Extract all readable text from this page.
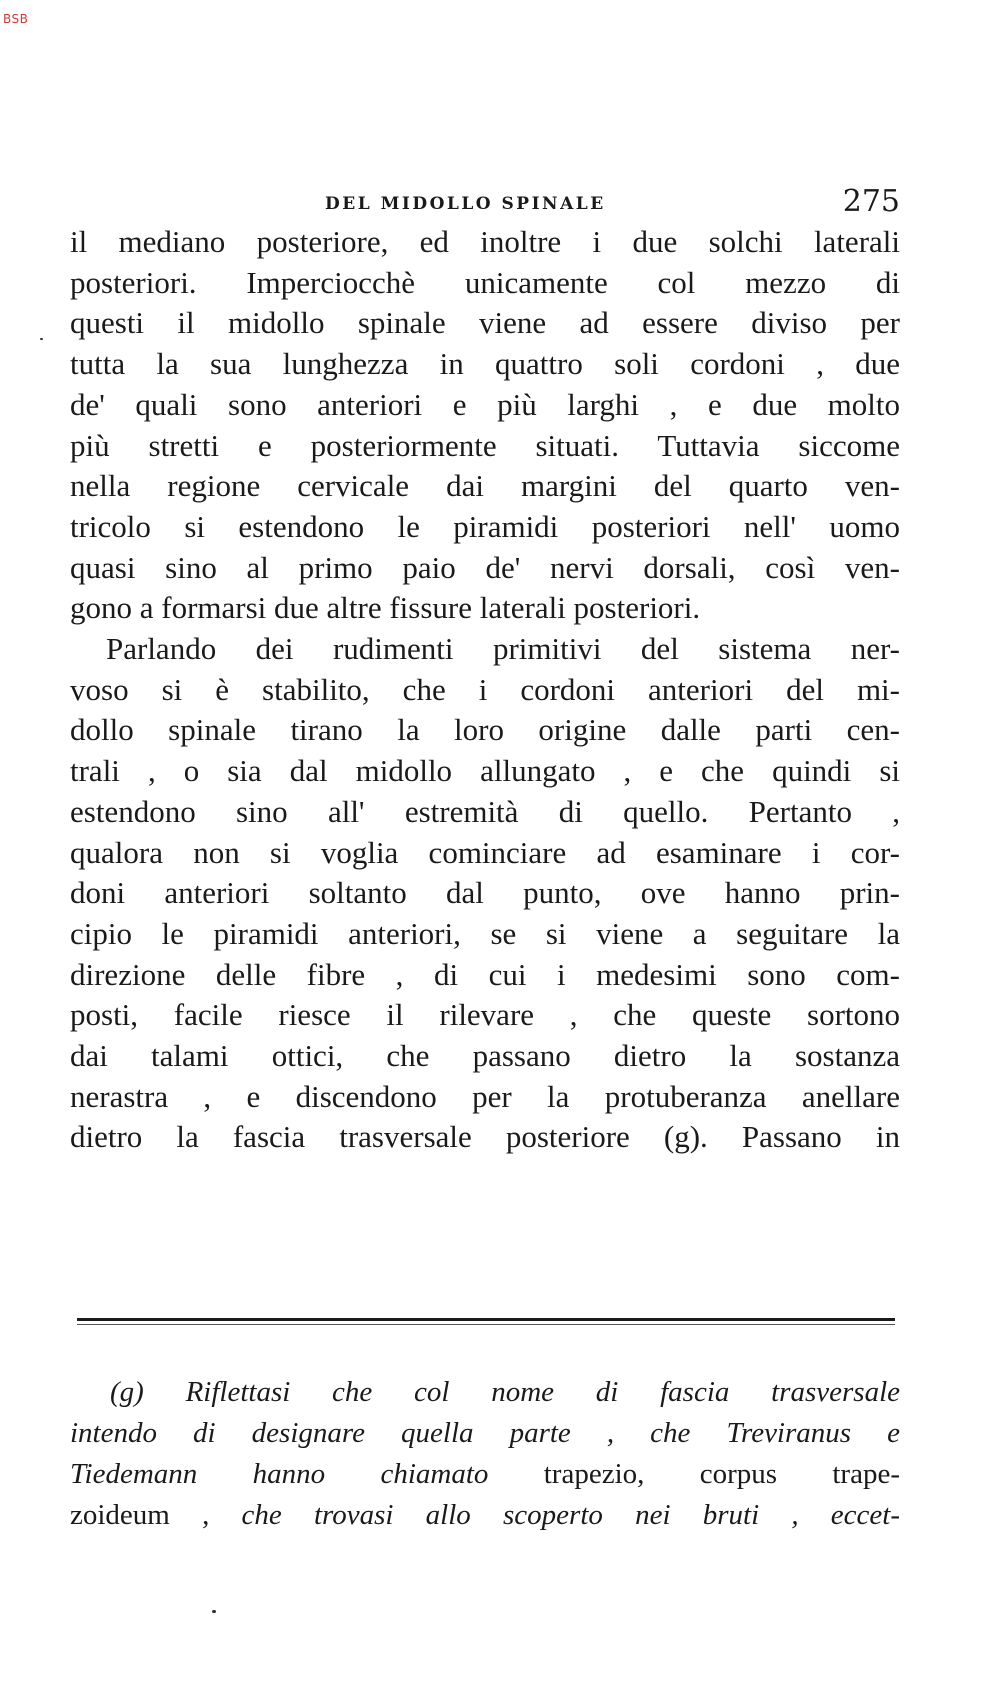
BSB
DEL MIDOLLO SPINALE	275
il mediano posteriore, ed inoltre i due solchi laterali
posteriori. Imperciocchè unicamente col mezzo di
questi il midollo spinale viene ad essere diviso per
tutta la sua lunghezza in quattro soli cordoni , due
de' quali sono anteriori e più larghi , e due molto
più stretti e posteriormente situati. Tuttavia siccome
nella regione cervicale dai margini del quarto ven-
tricolo si estendono le piramidi posteriori nell' uomo
quasi sino al primo paio de' nervi dorsali, così ven-
gono a formarsi due altre fissure laterali posteriori.
Parlando dei rudimenti primitivi del sistema ner-
voso si è stabilito, che i cordoni anteriori del mi-
dollo spinale tirano la loro origine dalle parti cen-
trali , o sia dal midollo allungato , e che quindi si
estendono sino all' estremità di quello. Pertanto ,
qualora non si voglia cominciare ad esaminare i cor-
doni anteriori soltanto dal punto, ove hanno prin-
cipio le piramidi anteriori, se si viene a seguitare la
direzione delle fibre , di cui i medesimi sono com-
posti, facile riesce il rilevare , che queste sortono
dai talami ottici, che passano dietro la sostanza
nerastra , e discendono per la protuberanza anellare
dietro la fascia trasversale posteriore (g). Passano in
(g) Riflettasi che col nome di fascia trasversale
intendo di designare quella parte , che Treviranus e
Tiedemann hanno chiamato trapezio, corpus trape-
zoideum , che trovasi allo scoperto nei bruti , eccet-
